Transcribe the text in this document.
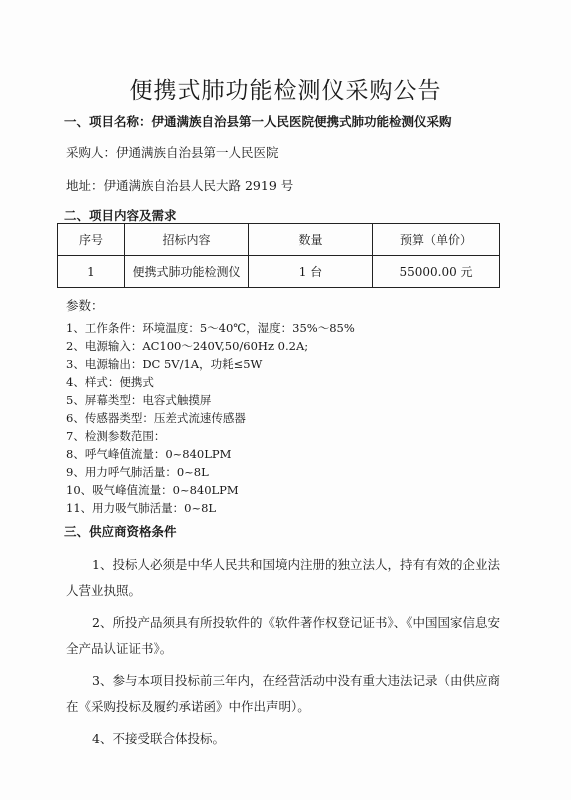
便携式肺功能检测仪采购公告
一、项目名称：伊通满族自治县第一人民医院便携式肺功能检测仪采购
采购人：伊通满族自治县第一人民医院
地址：伊通满族自治县人民大路 2919 号
二、项目内容及需求
序号	招标内容	数量	预算（单价）
1	便携式肺功能检测仪	1 台	55000.00 元
参数：
1、工作条件：环境温度：5～40℃，湿度：35%～85%
2、电源输入：AC100～240V,50/60Hz 0.2A;
3、电源输出：DC 5V/1A，功耗≤5W
4、样式：便携式
5、屏幕类型：电容式触摸屏
6、传感器类型：压差式流速传感器
7、检测参数范围：
8、呼气峰值流量：0~840LPM
9、用力呼气肺活量：0~8L
10、吸气峰值流量：0~840LPM
11、用力吸气肺活量：0~8L
三、供应商资格条件
1、投标人必须是中华人民共和国境内注册的独立法人，持有有效的企业法人营业执照。
2、所投产品须具有所投软件的《软件著作权登记证书》、《中国国家信息安全产品认证证书》。
3、参与本项目投标前三年内，在经营活动中没有重大违法记录（由供应商在《采购投标及履约承诺函》中作出声明）。
4、不接受联合体投标。
